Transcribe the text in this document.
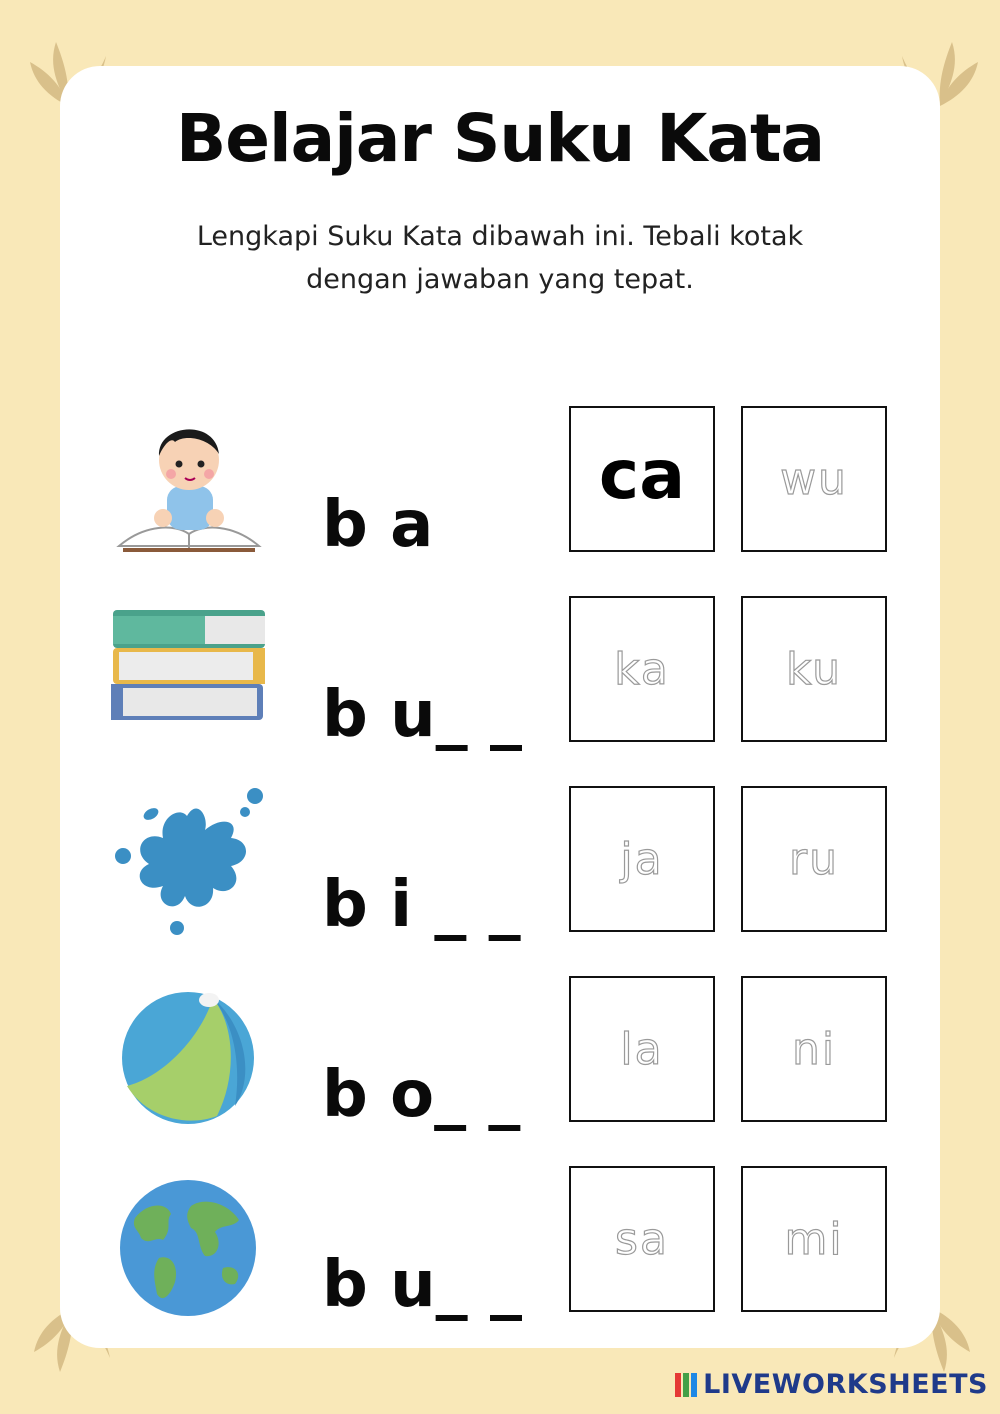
Belajar Suku Kata
Lengkapi Suku Kata dibawah ini. Tebali kotak dengan jawaban yang tepat.
b a
ca wu
b u_ _
ka	ku
b i _ _
ja	ru
b o_ _
la	ni
b u_ _
sa	mi
LIVEWORKSHEETS
